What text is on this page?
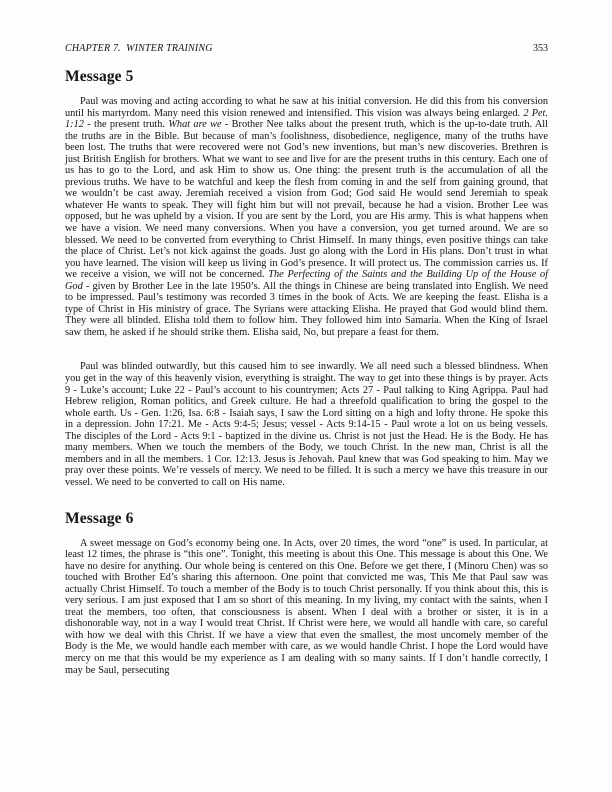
CHAPTER 7. WINTER TRAINING	353
Message 5

Paul was moving and acting according to what he saw at his initial conversion. He did this from his conversion until his martyrdom. Many need this vision renewed and intensified. This vision was always being enlarged. 2 Pet. 1:12 - the present truth. What are we - Brother Nee talks about the present truth, which is the up-to-date truth. All the truths are in the Bible. But because of man’s foolishness, disobedience, negligence, many of the truths have been lost. The truths that were recovered were not God’s new inventions, but man’s new discoveries. Brethren is just British English for brothers. What we want to see and live for are the present truths in this century. Each one of us has to go to the Lord, and ask Him to show us. One thing: the present truth is the accumulation of all the previous truths. We have to be watchful and keep the flesh from coming in and the self from gaining ground, that we wouldn’t be cast away. Jeremiah received a vision from God; God said He would send Jeremiah to speak whatever He wants to speak. They will fight him but will not prevail, because he had a vision. Brother Lee was opposed, but he was upheld by a vision. If you are sent by the Lord, you are His army. This is what happens when we have a vision. We need many conversions. When you have a conversion, you get turned around. We are so blessed. We need to be converted from everything to Christ Himself. In many things, even positive things can take the place of Christ. Let’s not kick against the goads. Just go along with the Lord in His plans. Don’t trust in what you have learned. The vision will keep us living in God’s presence. It will protect us. The commission carries us. If we receive a vision, we will not be concerned. The Perfecting of the Saints and the Building Up of the House of God - given by Brother Lee in the late 1950’s. All the things in Chinese are being translated into English. We need to be impressed. Paul’s testimony was recorded 3 times in the book of Acts. We are keeping the feast. Elisha is a type of Christ in His ministry of grace. The Syrians were attacking Elisha. He prayed that God would blind them. They were all blinded. Elisha told them to follow him. They followed him into Samaria. When the King of Israel saw them, he asked if he should strike them. Elisha said, No, but prepare a feast for them.

Paul was blinded outwardly, but this caused him to see inwardly. We all need such a blessed blindness. When you get in the way of this heavenly vision, everything is straight. The way to get into these things is by prayer. Acts 9 - Luke’s account; Luke 22 - Paul’s account to his countrymen; Acts 27 - Paul talking to King Agrippa. Paul had Hebrew religion, Roman politics, and Greek culture. He had a threefold qualification to bring the gospel to the whole earth. Us - Gen. 1:26, Isa. 6:8 - Isaiah says, I saw the Lord sitting on a high and lofty throne. He spoke this in a depression. John 17:21. Me - Acts 9:4-5; Jesus; vessel - Acts 9:14-15 - Paul wrote a lot on us being vessels. The disciples of the Lord - Acts 9:1 - baptized in the divine us. Christ is not just the Head. He is the Body. He has many members. When we touch the members of the Body, we touch Christ. In the new man, Christ is all the members and in all the members. 1 Cor. 12:13. Jesus is Jehovah. Paul knew that was God speaking to him. May we pray over these points. We’re vessels of mercy. We need to be filled. It is such a mercy we have this treasure in our vessel. We need to be converted to call on His name.

Message 6

A sweet message on God’s economy being one. In Acts, over 20 times, the word “one” is used. In particular, at least 12 times, the phrase is “this one”. Tonight, this meeting is about this One. This message is about this One. We have no desire for anything. Our whole being is centered on this One. Before we get there, I (Minoru Chen) was so touched with Brother Ed’s sharing this afternoon. One point that convicted me was, This Me that Paul saw was actually Christ Himself. To touch a member of the Body is to touch Christ personally. If you think about this, this is very serious. I am just exposed that I am so short of this meaning. In my living, my contact with the saints, when I treat the members, too often, that consciousness is absent. When I deal with a brother or sister, it is in a dishonorable way, not in a way I would treat Christ. If Christ were here, we would all handle with care, so careful with how we deal with this Christ. If we have a view that even the smallest, the most uncomely member of the Body is the Me, we would handle each member with care, as we would handle Christ. I hope the Lord would have mercy on me that this would be my experience as I am dealing with so many saints. If I don’t handle correctly, I may be Saul, persecuting
